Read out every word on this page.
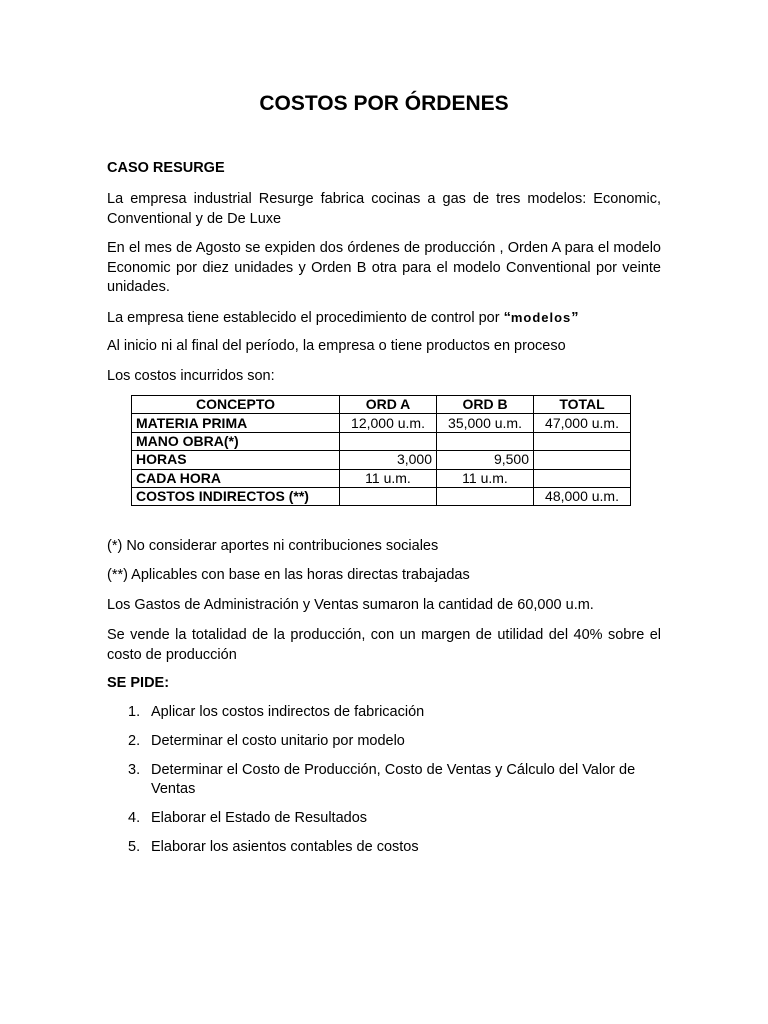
COSTOS POR ÓRDENES

CASO RESURGE

La empresa industrial Resurge fabrica cocinas a gas de tres modelos: Economic, Conventional y de De Luxe

En el mes de Agosto se expiden dos órdenes de producción , Orden A para el modelo Economic por diez unidades y Orden B otra para el modelo Conventional por veinte unidades.

La empresa tiene establecido el procedimiento de control por “modelos”

Al inicio ni al final del período, la empresa o tiene productos en proceso

Los costos incurridos son:

CONCEPTO	ORD A	ORD B	TOTAL
MATERIA PRIMA	12,000 u.m.	35,000 u.m.	47,000 u.m.
MANO OBRA(*)			
HORAS	3,000	9,500	
CADA HORA	11 u.m.	11 u.m.	
COSTOS INDIRECTOS (**)			48,000 u.m.

(*) No considerar aportes ni contribuciones sociales

(**) Aplicables con base en las horas directas trabajadas

Los Gastos de Administración y Ventas sumaron la cantidad de 60,000 u.m.

Se vende la totalidad de la producción, con un margen de utilidad del 40% sobre el costo de producción

SE PIDE:

1. Aplicar los costos indirectos de fabricación
2. Determinar el costo unitario por modelo
3. Determinar el Costo de Producción, Costo de Ventas y Cálculo del Valor de Ventas
4. Elaborar el Estado de Resultados
5. Elaborar los asientos contables de costos
